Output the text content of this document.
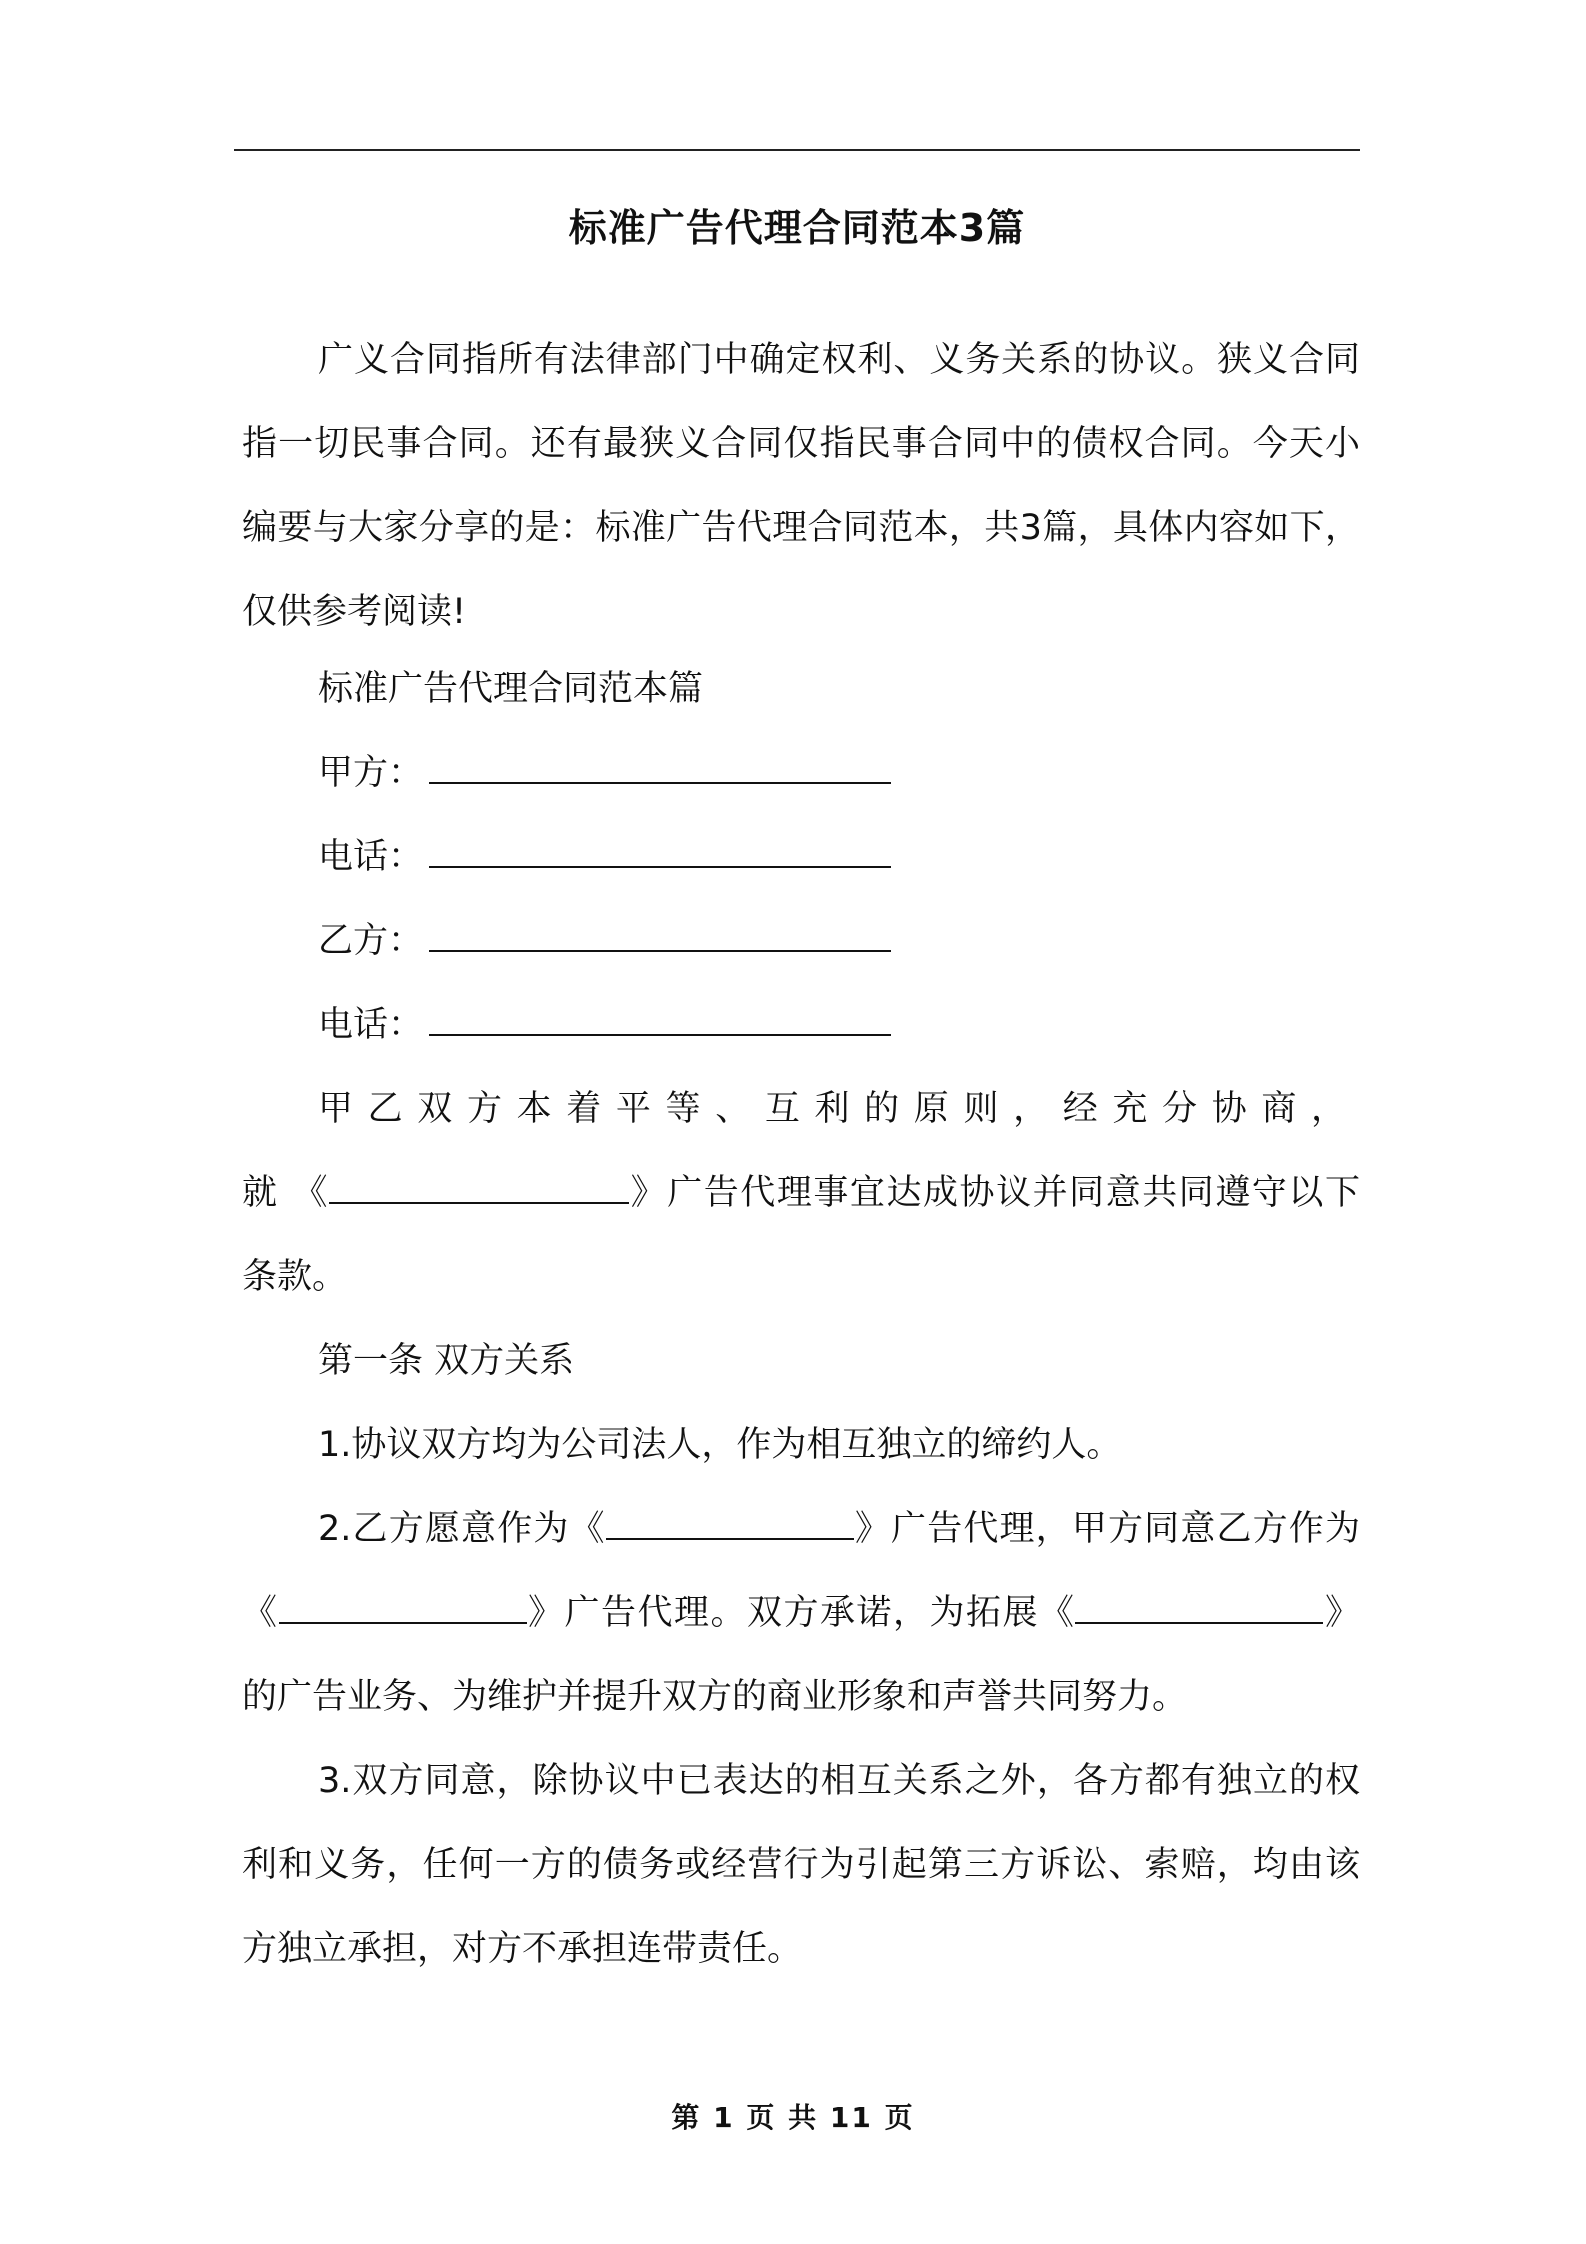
标准广告代理合同范本3篇

广义合同指所有法律部门中确定权利、义务关系的协议。狭义合同指一切民事合同。还有最狭义合同仅指民事合同中的债权合同。今天小编要与大家分享的是：标准广告代理合同范本，共3篇，具体内容如下，仅供参考阅读!

标准广告代理合同范本篇

甲方：

电话：

乙方：

电话：

甲乙双方本着平等、互利的原则，经充分协商，就《	》广告代理事宜达成协议并同意共同遵守以下条款。

第一条 双方关系

1.协议双方均为公司法人，作为相互独立的缔约人。

2.乙方愿意作为《	》广告代理，甲方同意乙方作为《	》广告代理。双方承诺，为拓展《	》的广告业务、为维护并提升双方的商业形象和声誉共同努力。

3.双方同意，除协议中已表达的相互关系之外，各方都有独立的权利和义务，任何一方的债务或经营行为引起第三方诉讼、索赔，均由该方独立承担，对方不承担连带责任。

第 1 页 共 11 页
